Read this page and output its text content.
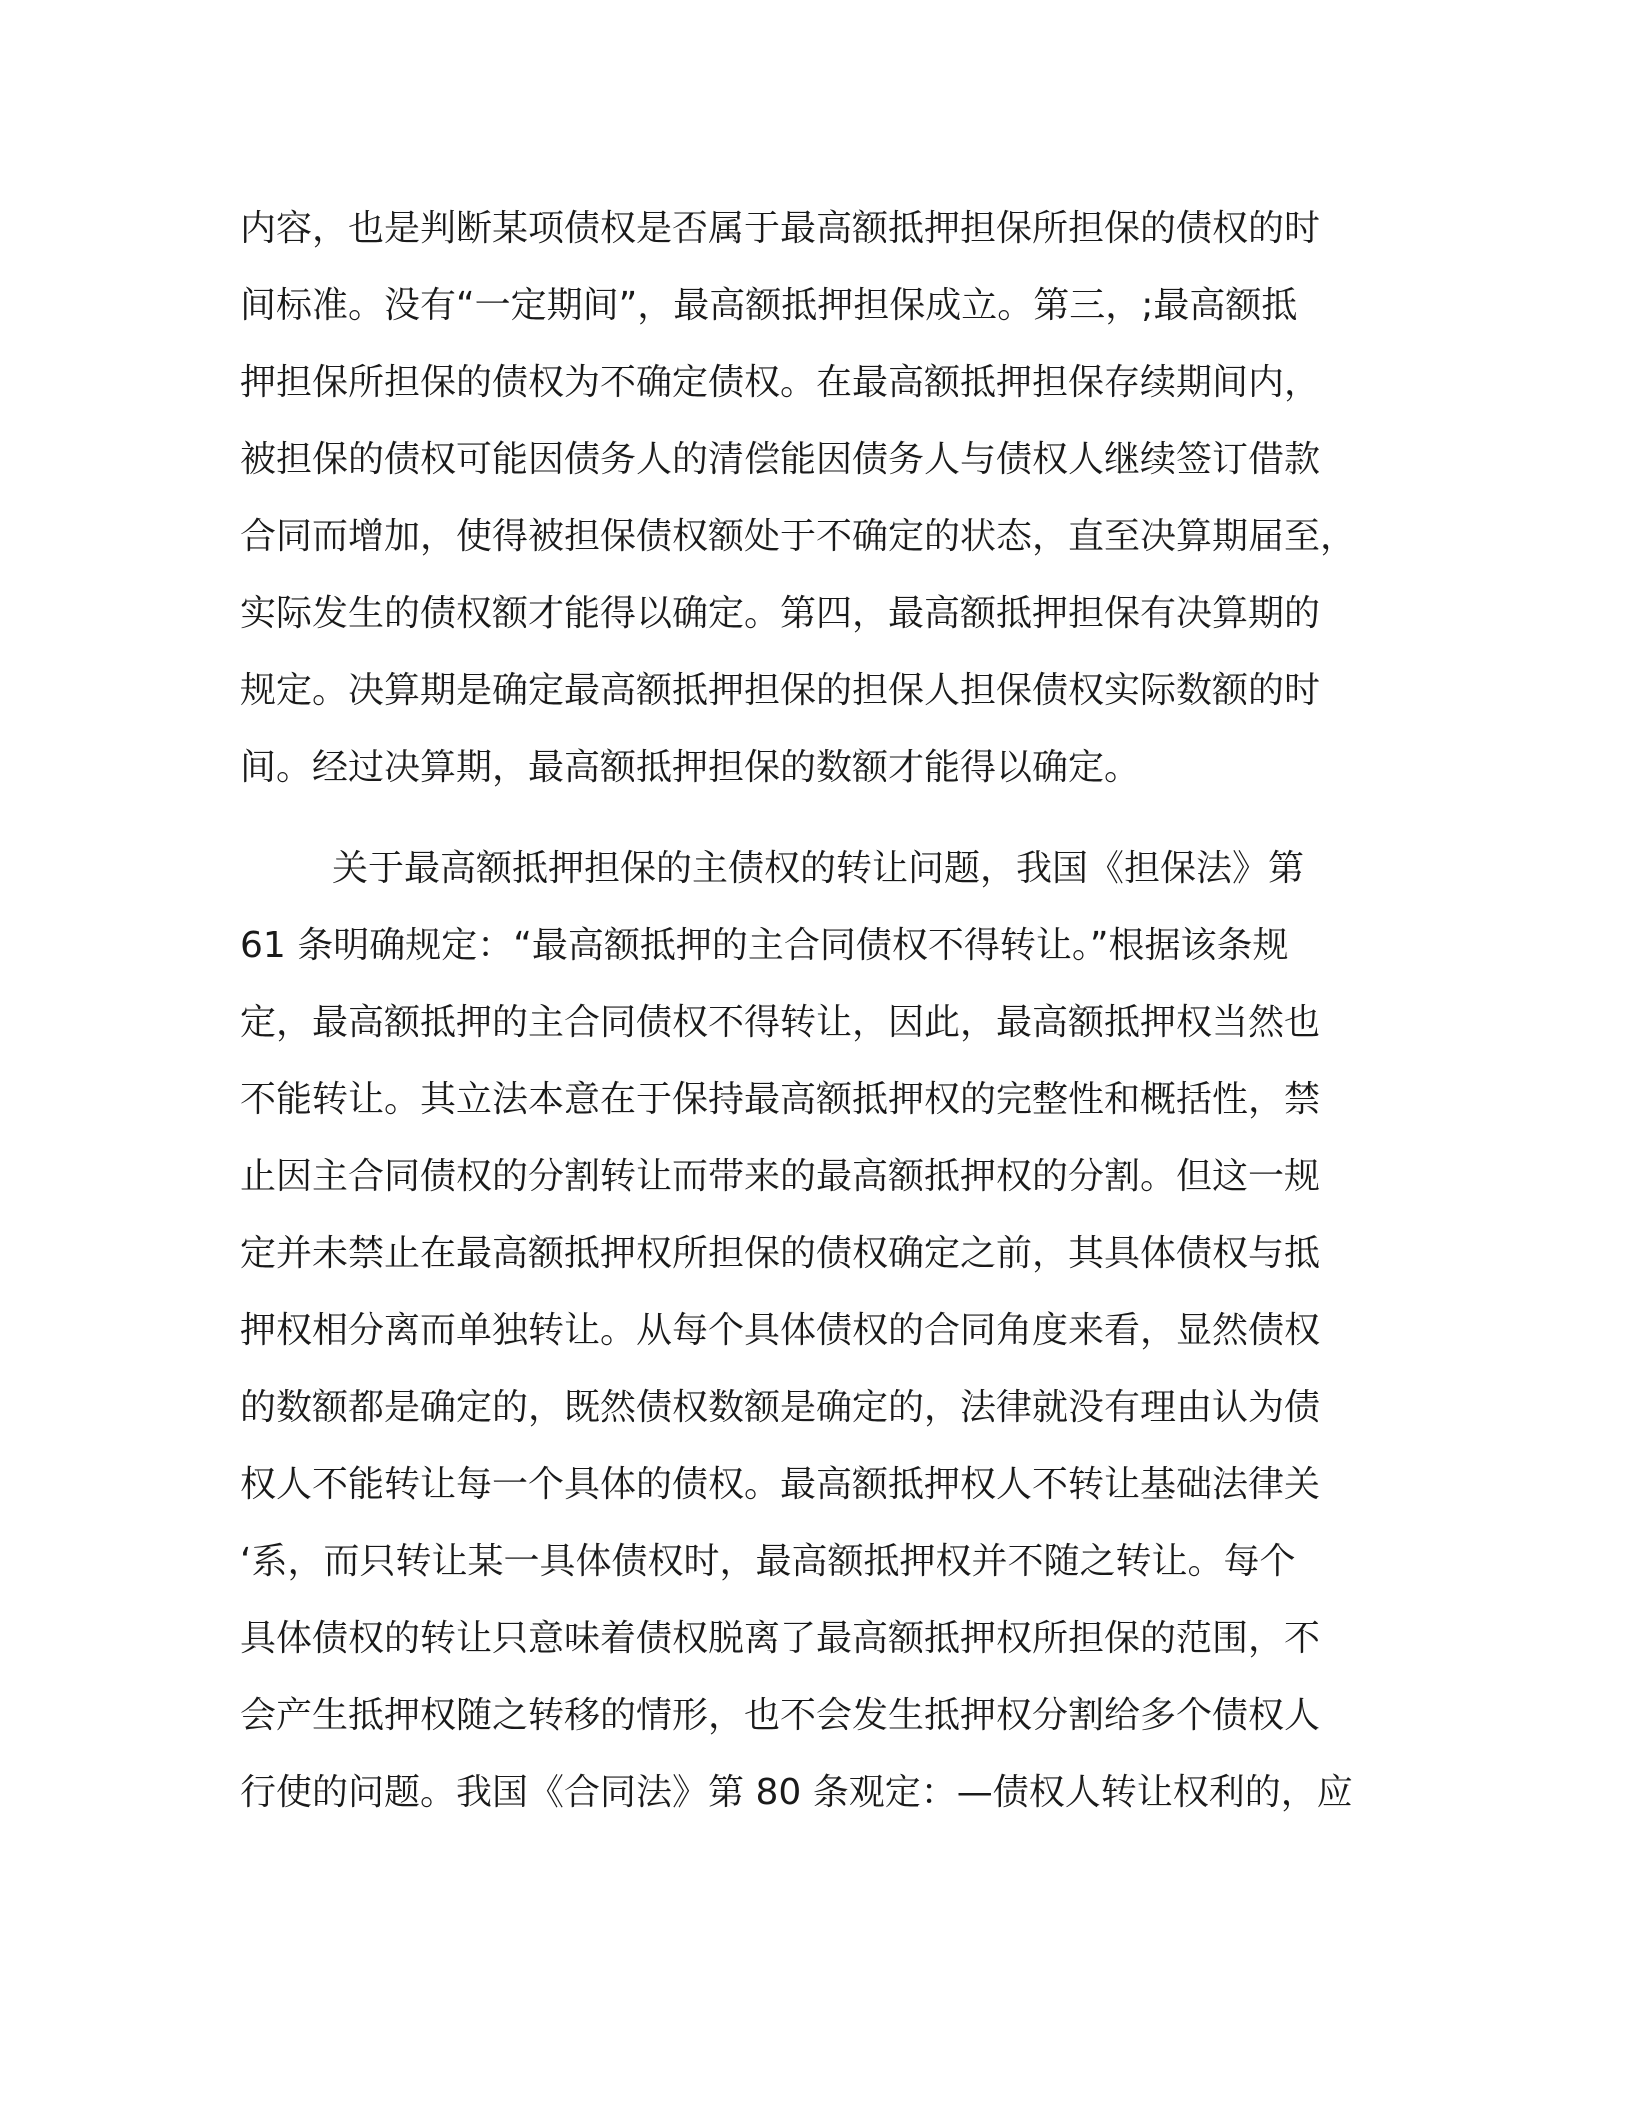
内容，也是判断某项债权是否属于最高额抵押担保所担保的债权的时
间标准。没有“一定期间”，最高额抵押担保成立。第三，;最高额抵
押担保所担保的债权为不确定债权。在最高额抵押担保存续期间内，
被担保的债权可能因债务人的清偿能因债务人与债权人继续签订借款
合同而增加，使得被担保债权额处于不确定的状态，直至决算期届至，
实际发生的债权额才能得以确定。第四，最高额抵押担保有决算期的
规定。决算期是确定最高额抵押担保的担保人担保债权实际数额的时
间。经过决算期，最高额抵押担保的数额才能得以确定。
关于最高额抵押担保的主债权的转让问题，我国《担保法》第
61 条明确规定：“最高额抵押的主合同债权不得转让。”根据该条规
定，最高额抵押的主合同债权不得转让，因此，最高额抵押权当然也
不能转让。其立法本意在于保持最高额抵押权的完整性和概括性，禁
止因主合同债权的分割转让而带来的最高额抵押权的分割。但这一规
定并未禁止在最高额抵押权所担保的债权确定之前，其具体债权与抵
押权相分离而单独转让。从每个具体债权的合同角度来看，显然债权
的数额都是确定的，既然债权数额是确定的，法律就没有理由认为债
权人不能转让每一个具体的债权。最高额抵押权人不转让基础法律关
‘系，而只转让某一具体债权时，最高额抵押权并不随之转让。每个
具体债权的转让只意味着债权脱离了最高额抵押权所担保的范围，不
会产生抵押权随之转移的情形，也不会发生抵押权分割给多个债权人
行使的问题。我国《合同法》第 80 条观定：—债权人转让权利的，应
